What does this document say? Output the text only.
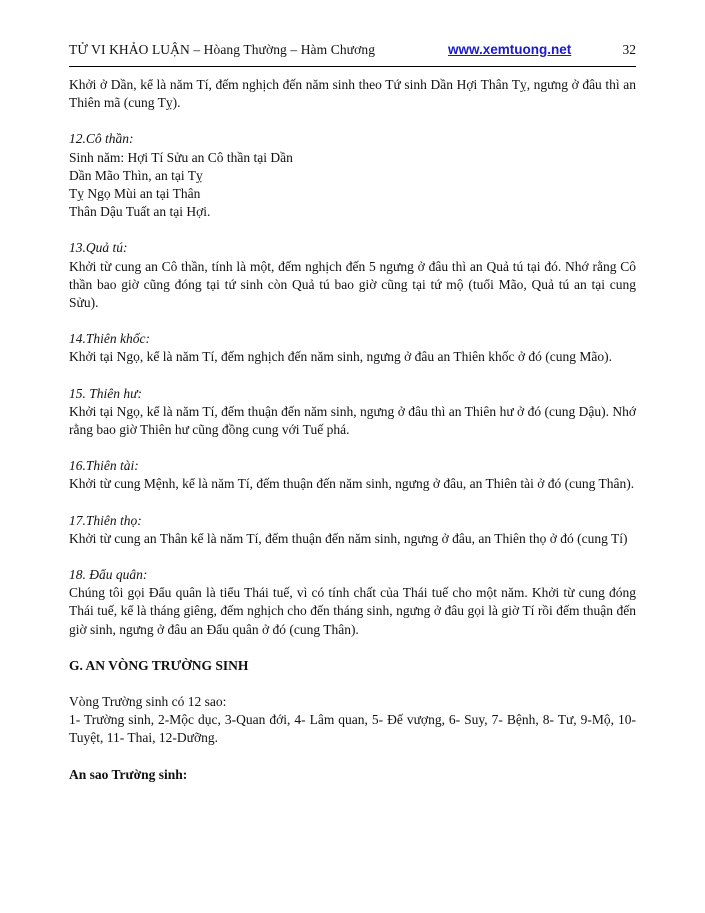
TỬ VI KHẢO LUẬN – Hòang Thường – Hàm Chương	www.xemtuong.net	32

Khởi ở Dần, kể là năm Tí, đếm nghịch đến năm sinh theo Tứ sinh Dần Hợi Thân Tỵ, ngưng ở đâu thì an Thiên mã (cung Tỵ).

12.Cô thần:

Sinh năm: Hợi Tí Sửu an Cô thần tại Dần

Dần Mão Thìn, an tại Tỵ

Tỵ Ngọ Mùi an tại Thân

Thân Dậu Tuất an tại Hợi.

13.Quả tú:

Khởi từ cung an Cô thần, tính là một, đếm nghịch đến 5 ngưng ở đâu thì an Quả tú tại đó. Nhớ rằng Cô thần bao giờ cũng đóng tại tứ sinh còn Quả tú bao giờ cũng tại tứ mộ (tuổi Mão, Quả tú an tại cung Sửu).

14.Thiên khốc:

Khởi tại Ngọ, kể là năm Tí, đếm nghịch đến năm sinh, ngưng ở đâu an Thiên khốc ở đó (cung Mão).

15. Thiên hư:

Khởi tại Ngọ, kể là năm Tí, đếm thuận đến năm sinh, ngưng ở đâu thì an Thiên hư ở đó (cung Dậu). Nhớ rằng bao giờ Thiên hư cũng đồng cung với Tuế phá.

16.Thiên tài:

Khởi từ cung Mệnh, kể là năm Tí, đếm thuận đến năm sinh, ngưng ở đâu, an Thiên tài ở đó (cung Thân).

17.Thiên thọ:

Khởi từ cung an Thân kể là năm Tí, đếm thuận đến năm sinh, ngưng ở đâu, an Thiên thọ ở đó (cung Tí)

18. Đẩu quân:

Chúng tôi gọi Đẩu quân là tiểu Thái tuế, vì có tính chất của Thái tuế cho một năm. Khởi từ cung đóng Thái tuế, kể là tháng giêng, đếm nghịch cho đến tháng sinh, ngưng ở đâu gọi là giờ Tí rồi đếm thuận đến giờ sinh, ngưng ở đâu an Đẩu quân ở đó (cung Thân).

G. AN VÒNG TRƯỜNG SINH

Vòng Trường sinh có 12 sao:

1- Trường sinh, 2-Mộc dục, 3-Quan đới, 4- Lâm quan, 5- Đế vượng, 6- Suy, 7- Bệnh, 8- Tư, 9-Mộ, 10- Tuyệt, 11- Thai, 12-Dưỡng.

An sao Trường sinh:
